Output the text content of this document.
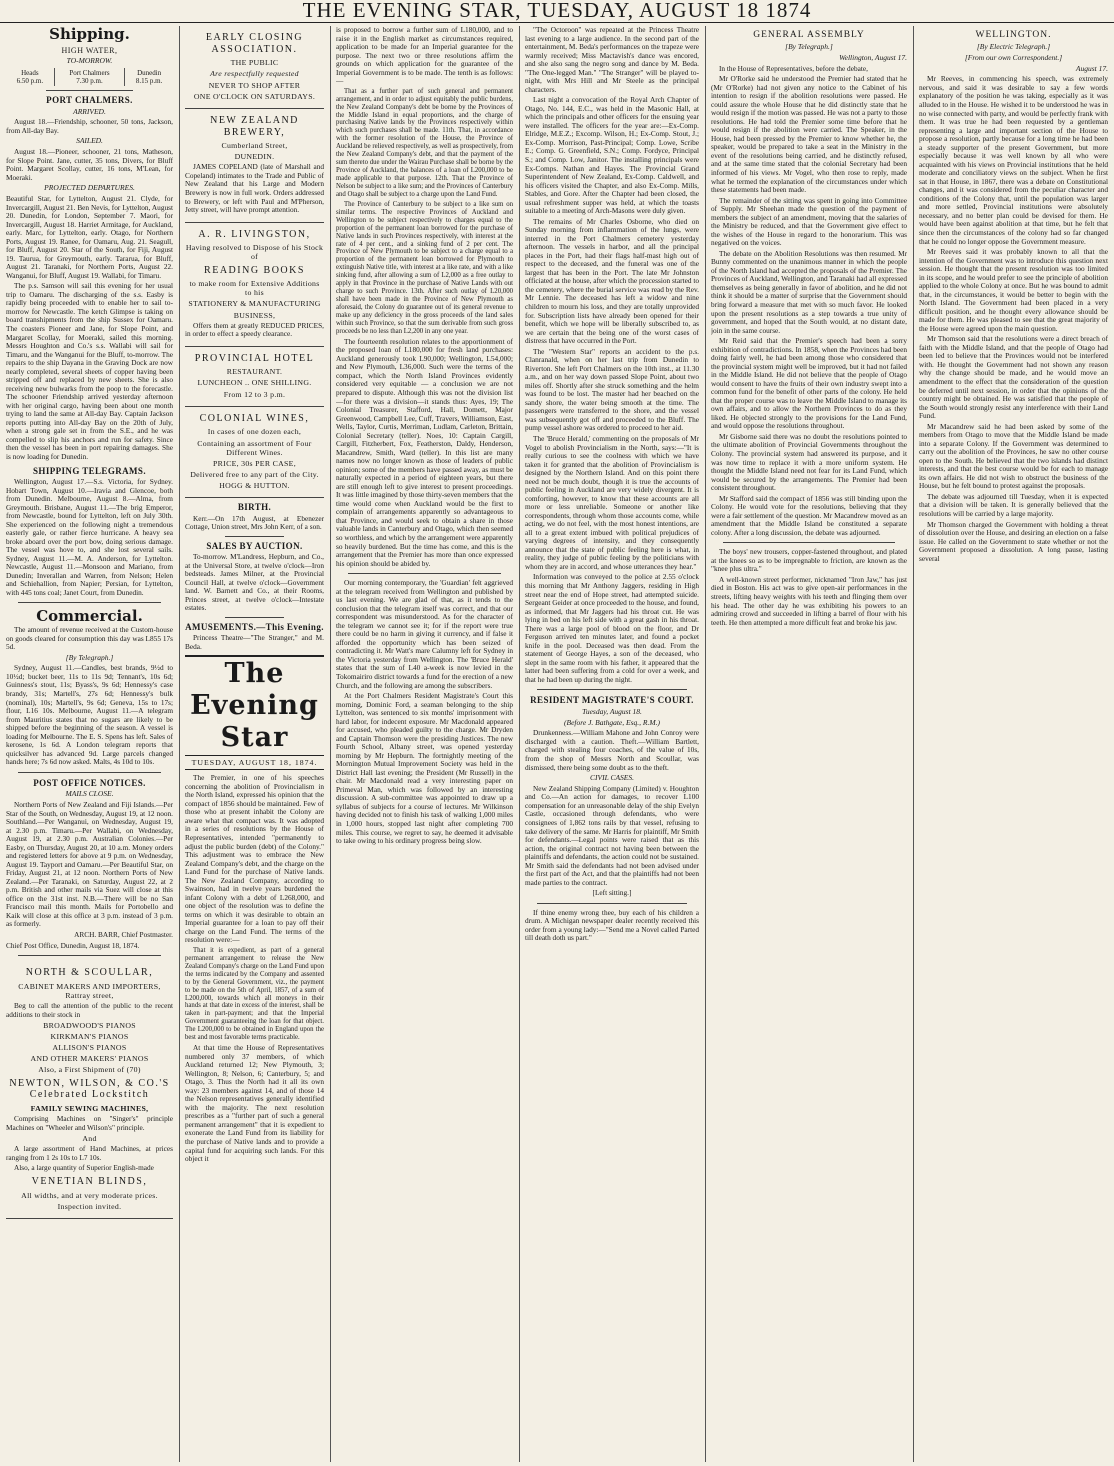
THE EVENING STAR, TUESDAY, AUGUST 18 1874
Shipping.
HIGH WATER,
TO-MORROW.
Heads
6.50 p.m.	Port Chalmers
7.30 p.m.	Dunedin
8.15 p.m.
PORT CHALMERS.
ARRIVED.

August 18.—Friendship, schooner, 50 tons, Jackson, from All-day Bay.

SAILED.

August 18.—Pioneer, schooner, 21 tons, Matheson, for Slope Point. Jane, cutter, 35 tons, Divers, for Bluff Point. Margaret Scollay, cutter, 16 tons, M'Lean, for Moeraki.

PROJECTED DEPARTURES.

Beautiful Star, for Lyttelton, August 21. Clyde, for Invercargill, August 21. Ben Nevis, for Lyttelton, August 20. Dunedin, for London, September 7. Maori, for Invercargill, August 18. Harriet Armitage, for Auckland, early. Marc, for Lyttelton, early. Otago, for Northern Ports, August 19. Ranee, for Oamaru, Aug. 21. Seagull, for Bluff, August 20. Star of the South, for Fiji, August 19. Taurua, for Greymouth, early. Tararua, for Bluff, August 21. Taranaki, for Northern Ports, August 22. Wanganui, for Bluff, August 19. Wallabi, for Timaru.

The p.s. Samson will sail this evening for her usual trip to Oamaru. The discharging of the s.s. Easby is rapidly being proceeded with to enable her to sail to-morrow for Newcastle. The ketch Glimpse is taking on board transhipments from the ship Sussex for Oamaru. The coasters Pioneer and Jane, for Slope Point, and Margaret Scollay, for Moeraki, sailed this morning. Messrs Houghton and Co.'s s.s. Wallabi will sail for Timaru, and the Wanganui for the Bluff, to-morrow. The repairs to the ship Dayana in the Graving Dock are now nearly completed, several sheets of copper having been stripped off and replaced by new sheets. She is also receiving new bulwarks from the poop to the forecastle. The schooner Friendship arrived yesterday afternoon with her original cargo, having been about one month trying to land the same at All-day Bay. Captain Jackson reports putting into All-day Bay on the 20th of July, when a strong gale set in from the S.E., and he was compelled to slip his anchors and run for safety. Since then the vessel has been in port repairing damages. She is now loading for Dunedin.

SHIPPING TELEGRAMS.

Wellington, August 17.—S.s. Victoria, for Sydney. Hobart Town, August 10.—Iravia and Glencoe, both from Dunedin. Melbourne, August 8.—Alma, from Greymouth. Brisbane, August 11.—The brig Emperor, from Newcastle, bound for Lyttelton, left on July 30th. She experienced on the following night a tremendous easterly gale, or rather fierce hurricane. A heavy sea broke aboard over the port bow, doing serious damage. The vessel was hove to, and she lost several sails. Sydney, August 11.—M. A. Anderson, for Lyttelton. Newcastle, August 11.—Monsoon and Mariano, from Dunedin; Inverallan and Warren, from Nelson; Helen and Schiehallion, from Napier; Persian, for Lyttelton, with 445 tons coal; Janet Court, from Dunedin.

Commercial.

The amount of revenue received at the Custom-house on goods cleared for consumption this day was L855 17s 5d.

[By Telegraph.]

Sydney, August 11.—Candles, best brands, 9½d to 10½d; bucket beer, 11s to 11s 9d; Tennant's, 10s 6d; Guinness's stout, 11s; Byass's, 9s 6d; Hennessy's case brandy, 31s; Martell's, 27s 6d; Hennessy's bulk (nominal), 10s; Martell's, 9s 6d; Geneva, 15s to 17s; flour, L16 10s. Melbourne, August 11.—A telegram from Mauritius states that no sugars are likely to be shipped before the beginning of the season. A vessel is loading for Melbourne. The E. S. Spens has left. Sales of kerosene, 1s 6d. A London telegram reports that quicksilver has advanced 9d. Large parcels changed hands here; 7s 6d now asked. Malts, 4s 10d to 10s.

POST OFFICE NOTICES.
MAILS CLOSE.

Northern Ports of New Zealand and Fiji Islands.—Per Star of the South, on Wednesday, August 19, at 12 noon. Southland.—Per Wanganui, on Wednesday, August 19, at 2.30 p.m. Timaru.—Per Wallabi, on Wednesday, August 19, at 2.30 p.m. Australian Colonies.—Per Easby, on Thursday, August 20, at 10 a.m. Money orders and registered letters for above at 9 p.m. on Wednesday, August 19. Tayport and Oamaru.—Per Beautiful Star, on Friday, August 21, at 12 noon. Northern Ports of New Zealand.—Per Taranaki, on Saturday, August 22, at 2 p.m. British and other mails via Suez will close at this office on the 31st inst. N.B.—There will be no San Francisco mail this month. Mails for Portobello and Kaik will close at this office at 3 p.m. instead of 3 p.m. as formerly.

ARCH. BARR, Chief Postmaster.

Chief Post Office, Dunedin, August 18, 1874.

NORTH & SCOULLAR,
CABINET MAKERS AND IMPORTERS, Rattray street,

Beg to call the attention of the public to the recent additions to their stock in

BROADWOOD'S PIANOS
KIRKMAN'S PIANOS
ALLISON'S PIANOS
AND OTHER MAKERS' PIANOS
Also, a First Shipment of (70)
NEWTON, WILSON, & CO.'S Celebrated Lockstitch
FAMILY SEWING MACHINES,

Comprising Machines on "Singer's" principle Machines on "Wheeler and Wilson's" principle.

And

A large assortment of Hand Machines, at prices ranging from 1 2s 10s to L7 10s.

Also, a large quantity of Superior English-made

VENETIAN BLINDS,
All widths, and at very moderate prices.
Inspection invited.
EARLY CLOSING ASSOCIATION.
THE PUBLIC
Are respectfully requested
NEVER TO SHOP AFTER
ONE O'CLOCK ON SATURDAYS.
NEW ZEALAND BREWERY,
Cumberland Street,
DUNEDIN.

JAMES COPELAND (late of Marshall and Copeland) intimates to the Trade and Public of New Zealand that his Large and Modern Brewery is now in full work. Orders addressed to Brewery, or left with Paul and M'Pherson, Jetty street, will have prompt attention.

A. R. LIVINGSTON,
Having resolved to Dispose of his Stock of
READING BOOKS
to make room for Extensive Additions to his
STATIONERY & MANUFACTURING
BUSINESS,

Offers them at greatly REDUCED PRICES, in order to effect a speedy clearance.

PROVINCIAL HOTEL
RESTAURANT.
LUNCHEON .. ONE SHILLING.
From 12 to 3 p.m.
COLONIAL WINES,
In cases of one dozen each,
Containing an assortment of Four Different Wines.
PRICE, 30s PER CASE,
Delivered free to any part of the City.
HOGG & HUTTON.
BIRTH.

Kerr.—On 17th August, at Ebenezer Cottage, Union street, Mrs John Kerr, of a son.

SALES BY AUCTION.

To-morrow. M'Landress, Hepburn, and Co., at the Universal Store, at twelve o'clock—Iron bedsteads. James Milner, at the Provincial Council Hall, at twelve o'clock—Government land. W. Barnett and Co., at their Rooms, Princes street, at twelve o'clock—Intestate estates.

AMUSEMENTS.—This Evening.

Princess Theatre—"The Stranger," and M. Beda.

The Evening Star
TUESDAY, AUGUST 18, 1874.

The Premier, in one of his speeches concerning the abolition of Provincialism in the North Island, expressed his opinion that the compact of 1856 should be maintained. Few of those who at present inhabit the Colony are aware what that compact was. It was adopted in a series of resolutions by the House of Representatives, intended "permanently to adjust the public burden (debt) of the Colony." This adjustment was to embrace the New Zealand Company's debt, and the charge on the Land Fund for the purchase of Native lands. The New Zealand Company, according to Swainson, had in twelve years burdened the infant Colony with a debt of L268,000, and one object of the resolution was to define the terms on which it was desirable to obtain an Imperial guarantee for a loan to pay off their charge on the Land Fund. The terms of the resolution were:—

That it is expedient, as part of a general permanent arrangement to release the New Zealand Company's charge on the Land Fund upon the terms indicated by the Company and assented to by the General Government, viz., the payment to be made on the 5th of April, 1857, of a sum of L200,000, towards which all moneys in their hands at that date in excess of the interest, shall be taken in part-payment; and that the Imperial Government guaranteeing the loan for that object. The L200,000 to be obtained in England upon the best and most favorable terms practicable.

At that time the House of Representatives numbered only 37 members, of which Auckland returned 12; New Plymouth, 3; Wellington, 8; Nelson, 6; Canterbury, 5; and Otago, 3. Thus the North had it all its own way: 23 members against 14, and of those 14 the Nelson representatives generally identified with the majority. The next resolution prescribes as a "further part of such a general permanent arrangement" that it is expedient to exonerate the Land Fund from its liability for the purchase of Native lands and to provide a capital fund for acquiring such lands. For this object it

is proposed to borrow a further sum of L180,000, and to raise it in the English market as circumstances required, application to be made for an Imperial guarantee for the purpose. The next two or three resolutions affirm the grounds on which application for the guarantee of the Imperial Government is to be made. The tenth is as follows:—

That as a further part of such general and permanent arrangement, and in order to adjust equitably the public burdens, the New Zealand Company's debt be borne by the Provinces of the Middle Island in equal proportions, and the charge of purchasing Native lands by the Provinces respectively within which such purchases shall be made. 11th. That, in accordance with the former resolution of the House, the Province of Auckland be relieved respectively, as well as prospectively, from the New Zealand Company's debt, and that the payment of the sum thereto due under the Wairau Purchase shall be borne by the Province of Auckland, the balances of a loan of L200,000 to be made applicable to that purpose. 12th. That the Province of Nelson be subject to a like sum; and the Provinces of Canterbury and Otago shall be subject to a charge upon the Land Fund.

The Province of Canterbury to be subject to a like sum on similar terms. The respective Provinces of Auckland and Wellington to be subject respectively to charges equal to the proportion of the permanent loan borrowed for the purchase of Native lands in such Provinces respectively, with interest at the rate of 4 per cent., and a sinking fund of 2 per cent. The Province of New Plymouth to be subject to a charge equal to a proportion of the permanent loan borrowed for Plymouth to extinguish Native title, with interest at a like rate, and with a like sinking fund, after allowing a sum of L2,000 as a free outlay to apply in that Province in the purchase of Native Lands with out charge to such Province. 13th. After such outlay of L20,000 shall have been made in the Province of New Plymouth as aforesaid, the Colony do guarantee out of its general revenue to make up any deficiency in the gross proceeds of the land sales within such Province, so that the sum derivable from such gross proceeds be no less than L2,200 in any one year.

The fourteenth resolution relates to the apportionment of the proposed loan of L180,000 for fresh land purchases: Auckland generously took L90,000; Wellington, L54,000; and New Plymouth, L36,000. Such were the terms of the compact, which the North Island Provinces evidently considered very equitable — a conclusion we are not prepared to dispute. Although this was not the division list—for there was a division—it stands thus: Ayes, 19; The Colonial Treasurer, Stafford, Hall, Domett, Major Greenwood, Campbell Lee, Cuff, Travers, Williamson, East, Wells, Taylor, Curtis, Merriman, Ludlam, Carleton, Brittain, Colonial Secretary (teller). Noes, 10: Captain Cargill, Cargill, Fitzherbert, Fox, Featherston, Daldy, Henderson, Macandrew, Smith, Ward (teller). In this list are many names now no longer known as those of leaders of public opinion; some of the members have passed away, as must be naturally expected in a period of eighteen years, but there are still enough left to give interest to present proceedings. It was little imagined by those thirty-seven members that the time would come when Auckland would be the first to complain of arrangements apparently so advantageous to that Province, and would seek to obtain a share in those valuable lands in Canterbury and Otago, which then seemed so worthless, and which by the arrangement were apparently so heavily burdened. But the time has come, and this is the arrangement that the Premier has more than once expressed his opinion should be abided by.

Our morning contemporary, the 'Guardian' felt aggrieved at the telegram received from Wellington and published by us last evening. We are glad of that, as it tends to the conclusion that the telegram itself was correct, and that our correspondent was misunderstood. As for the character of the telegram we cannot see it; for if the report were true there could be no harm in giving it currency, and if false it afforded the opportunity which has been seized of contradicting it. Mr Watt's mare Calumny left for Sydney in the Victoria yesterday from Wellington. The 'Bruce Herald' states that the sum of L40 a-week is now levied in the Tokomairiro district towards a fund for the erection of a new Church, and the following are among the subscribers.

At the Port Chalmers Resident Magistrate's Court this morning, Dominic Ford, a seaman belonging to the ship Lyttelton, was sentenced to six months' imprisonment with hard labor, for indecent exposure. Mr Macdonald appeared for accused, who pleaded guilty to the charge. Mr Dryden and Captain Thomson were the presiding Justices. The new Fourth School, Albany street, was opened yesterday morning by Mr Hepburn. The fortnightly meeting of the Mornington Mutual Improvement Society was held in the District Hall last evening; the President (Mr Russell) in the chair. Mr Macdonald read a very interesting paper on Primeval Man, which was followed by an interesting discussion. A sub-committee was appointed to draw up a syllabus of subjects for a course of lectures. Mr Wilkinson having decided not to finish his task of walking 1,000 miles in 1,000 hours, stopped last night after completing 700 miles. This course, we regret to say, he deemed it advisable to take owing to his ordinary progress being slow.

"The Octoroon" was repeated at the Princess Theatre last evening to a large audience. In the second part of the entertainment, M. Beda's performances on the trapeze were warmly received; Miss Mactavish's dance was encored, and she also sang the negro song and dance by M. Beda. "The One-legged Man." "The Stranger" will be played to-night, with Mrs Hill and Mr Steele as the principal characters.

Last night a convocation of the Royal Arch Chapter of Otago, No. 144, E.C., was held in the Masonic Hall, at which the principals and other officers for the ensuing year were installed. The officers for the year are:—Ex-Comp. Elridge, M.E.Z.; Excomp. Wilson, H.; Ex-Comp. Stout, J.; Ex-Comp. Morrison, Past-Principal; Comp. Lowe, Scribe E.; Comp. G. Greenfield, S.N.; Comp. Fordyce, Principal S.; and Comp. Low, Janitor. The installing principals were Ex-Comps. Nathan and Hayes. The Provincial Grand Superintendent of New Zealand, Ex-Comp. Caldwell, and his officers visited the Chapter, and also Ex-Comp. Mills, Stables, and Gore. After the Chapter had been closed, the usual refreshment supper was held, at which the toasts suitable to a meeting of Arch-Masons were duly given.

The remains of Mr Charles Osborne, who died on Sunday morning from inflammation of the lungs, were interred in the Port Chalmers cemetery yesterday afternoon. The vessels in harbor, and all the principal places in the Port, had their flags half-mast high out of respect to the deceased, and the funeral was one of the largest that has been in the Port. The late Mr Johnston officiated at the house, after which the procession started to the cemetery, where the burial service was read by the Rev. Mr Lennie. The deceased has left a widow and nine children to mourn his loss, and they are totally unprovided for. Subscription lists have already been opened for their benefit, which we hope will be liberally subscribed to, as we are certain that the being one of the worst cases of distress that have occurred in the Port.

The "Western Star" reports an accident to the p.s. Clanranald, when on her last trip from Dunedin to Riverton. She left Port Chalmers on the 10th inst., at 11.30 a.m., and on her way down passed Slope Point, about two miles off. Shortly after she struck something and the helm was found to be lost. The master had her beached on the sandy shore, the water being smooth at the time. The passengers were transferred to the shore, and the vessel was subsequently got off and proceeded to the Bluff. The pump vessel ashore was ordered to proceed to her aid.

The 'Bruce Herald,' commenting on the proposals of Mr Vogel to abolish Provincialism in the North, says:—"It is really curious to see the coolness with which we have taken it for granted that the abolition of Provincialism is designed by the Northern Island. And on this point there need not be much doubt, though it is true the accounts of public feeling in Auckland are very widely divergent. It is comforting, however, to know that these accounts are all more or less unreliable. Someone or another like correspondents, through whom those accounts come, while acting, we do not feel, with the most honest intentions, are all to a great extent imbued with political prejudices of varying degrees of intensity, and they consequently announce that the state of public feeling here is what, in reality, they judge of public feeling by the politicians with whom they are in accord, and whose utterances they hear."

Information was conveyed to the police at 2.55 o'clock this morning that Mr Anthony Jaggers, residing in High street near the end of Hope street, had attempted suicide. Sergeant Geider at once proceeded to the house, and found, as informed, that Mr Jaggers had his throat cut. He was lying in bed on his left side with a great gash in his throat. There was a large pool of blood on the floor, and Dr Ferguson arrived ten minutes later, and found a pocket knife in the pool. Deceased was then dead. From the statement of George Hayes, a son of the deceased, who slept in the same room with his father, it appeared that the latter had been suffering from a cold for over a week, and that he had been up during the night.

RESIDENT MAGISTRATE'S COURT.
Tuesday, August 18.
(Before J. Bathgate, Esq., R.M.)

Drunkenness.—William Mahone and John Conroy were discharged with a caution. Theft.—William Bartlett, charged with stealing four coaches, of the value of 10s, from the shop of Messrs North and Scoullar, was dismissed, there being some doubt as to the theft.

CIVIL CASES.

New Zealand Shipping Company (Limited) v. Houghton and Co.—An action for damages, to recover L100 compensation for an unreasonable delay of the ship Evelyn Castle, occasioned through defendants, who were consignees of 1,862 tons rails by that vessel, refusing to take delivery of the same. Mr Harris for plaintiff, Mr Smith for defendants.—Legal points were raised that as this action, the original contract not having been between the plaintiffs and defendants, the action could not be sustained. Mr Smith said the defendants had not been advised under the first part of the Act, and that the plaintiffs had not been made parties to the contract.

[Left sitting.]

If thine enemy wrong thee, buy each of his children a drum. A Michigan newspaper dealer recently received this order from a young lady:—"Send me a Novel called Parted till death doth us part."

GENERAL ASSEMBLY
[By Telegraph.]
Wellington, August 17.

In the House of Representatives, before the debate,

Mr O'Rorke said he understood the Premier had stated that he (Mr O'Rorke) had not given any notice to the Cabinet of his intention to resign if the abolition resolutions were passed. He could assure the whole House that he did distinctly state that he would resign if the motion was passed. He was not a party to those resolutions. He had told the Premier some time before that he would resign if the abolition were carried. The Speaker, in the House, had been pressed by the Premier to know whether he, the speaker, would be prepared to take a seat in the Ministry in the event of the resolutions being carried, and he distinctly refused, and at the same time stated that the colonial Secretary had been informed of his views. Mr Vogel, who then rose to reply, made what he termed the explanation of the circumstances under which these statements had been made.

The remainder of the sitting was spent in going into Committee of Supply. Mr Sheehan made the question of the payment of members the subject of an amendment, moving that the salaries of the Ministry be reduced, and that the Government give effect to the wishes of the House in regard to the honorarium. This was negatived on the voices.

The debate on the Abolition Resolutions was then resumed. Mr Bunny commented on the unanimous manner in which the people of the North Island had accepted the proposals of the Premier. The Provinces of Auckland, Wellington, and Taranaki had all expressed themselves as being generally in favor of abolition, and he did not think it should be a matter of surprise that the Government should bring forward a measure that met with so much favor. He looked upon the present resolutions as a step towards a true unity of government, and hoped that the South would, at no distant date, join in the same course.

Mr Reid said that the Premier's speech had been a sorry exhibition of contradictions. In 1858, when the Provinces had been doing fairly well, he had been among those who considered that the provincial system might well be improved, but it had not failed in the Middle Island. He did not believe that the people of Otago would consent to have the fruits of their own industry swept into a common fund for the benefit of other parts of the colony. He held that the proper course was to leave the Middle Island to manage its own affairs, and to allow the Northern Provinces to do as they liked. He objected strongly to the provisions for the Land Fund, and would oppose the resolutions throughout.

Mr Gisborne said there was no doubt the resolutions pointed to the ultimate abolition of Provincial Governments throughout the Colony. The provincial system had answered its purpose, and it was now time to replace it with a more uniform system. He thought the Middle Island need not fear for its Land Fund, which would be secured by the arrangements. The Premier had been consistent throughout.

Mr Stafford said the compact of 1856 was still binding upon the Colony. He would vote for the resolutions, believing that they were a fair settlement of the question. Mr Macandrew moved as an amendment that the Middle Island be constituted a separate colony. After a long discussion, the debate was adjourned.

The boys' new trousers, copper-fastened throughout, and plated at the knees so as to be impregnable to friction, are known as the "knee plus ultra."

A well-known street performer, nicknamed "Iron Jaw," has just died in Boston. His act was to give open-air performances in the streets, lifting heavy weights with his teeth and flinging them over his head. The other day he was exhibiting his powers to an admiring crowd and succeeded in lifting a barrel of flour with his teeth. He then attempted a more difficult feat and broke his jaw.

WELLINGTON.
[By Electric Telegraph.]
[From our own Correspondent.]
August 17.

Mr Reeves, in commencing his speech, was extremely nervous, and said it was desirable to say a few words explanatory of the position he was taking, especially as it was alluded to in the House. He wished it to be understood he was in no wise connected with party, and would be perfectly frank with them. It was true he had been requested by a gentleman representing a large and important section of the House to propose a resolution, partly because for a long time he had been a steady supporter of the present Government, but more especially because it was well known by all who were acquainted with his views on Provincial institutions that he held moderate and conciliatory views on the subject. When he first sat in that House, in 1867, there was a debate on Constitutional changes, and it was considered from the peculiar character and conditions of the Colony that, until the population was larger and more settled, Provincial institutions were absolutely necessary, and no better plan could be devised for them. He would have been against abolition at that time, but he felt that since then the circumstances of the colony had so far changed that he could no longer oppose the Government measure.

Mr Reeves said it was probably known to all that the intention of the Government was to introduce this question next session. He thought that the present resolution was too limited in its scope, and he would prefer to see the principle of abolition applied to the whole Colony at once. But he was bound to admit that, in the circumstances, it would be better to begin with the North Island. The Government had been placed in a very difficult position, and he thought every allowance should be made for them. He was pleased to see that the great majority of the House were agreed upon the main question.

Mr Thomson said that the resolutions were a direct breach of faith with the Middle Island, and that the people of Otago had been led to believe that the Provinces would not be interfered with. He thought the Government had not shown any reason why the change should be made, and he would move an amendment to the effect that the consideration of the question be deferred until next session, in order that the opinions of the country might be obtained. He was satisfied that the people of the South would strongly resist any interference with their Land Fund.

Mr Macandrew said he had been asked by some of the members from Otago to move that the Middle Island be made into a separate Colony. If the Government was determined to carry out the abolition of the Provinces, he saw no other course open to the South. He believed that the two islands had distinct interests, and that the best course would be for each to manage its own affairs. He did not wish to obstruct the business of the House, but he felt bound to protest against the proposals.

The debate was adjourned till Tuesday, when it is expected that a division will be taken. It is generally believed that the resolutions will be carried by a large majority.

Mr Thomson charged the Government with holding a threat of dissolution over the House, and desiring an election on a false issue. He called on the Government to state whether or not the Government proposed a dissolution. A long pause, lasting several
